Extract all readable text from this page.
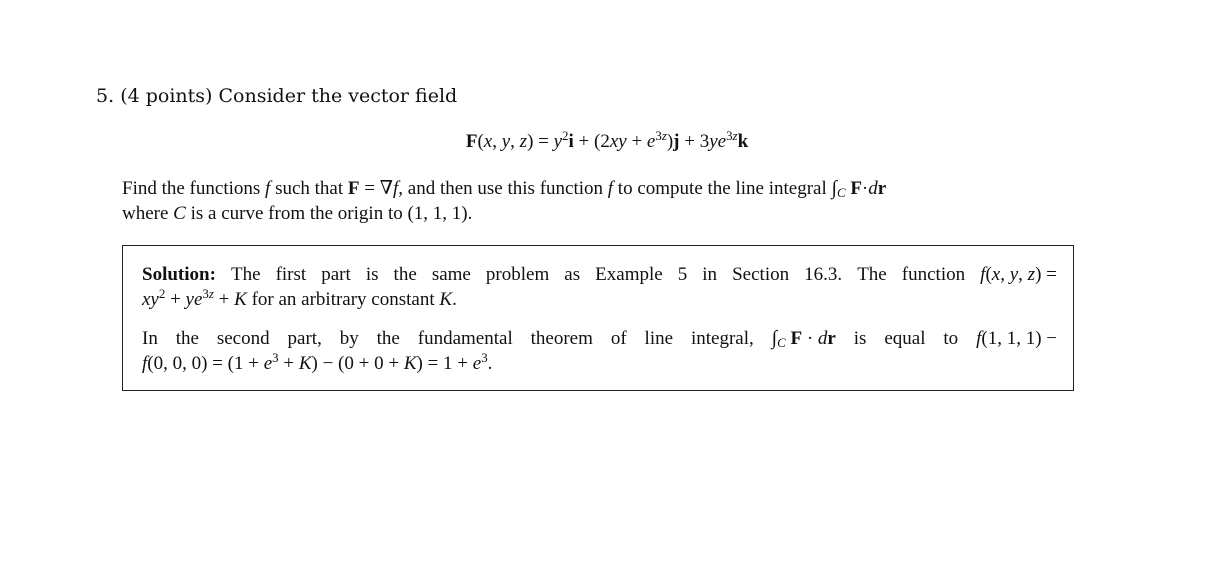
5. (4 points) Consider the vector field
F(x, y, $z) = y^2i + (2xy + e^{3z})j + 3ye^{3z}k$
Find the functions f such that F = ∇f, and then use this function f to compute the line integral $\int_C$ F·dr
where C is a curve from the origin to (1, 1, 1).
Solution: The first part is the same problem as Example 5 in Section 16.3. The function f(x, y, z) =
$xy^2 + ye^{3z} + K$ for an arbitrary constant K.
In the second part, by the fundamental theorem of line integral, $\int_C$ F · dr is equal to f(1, 1, 1) −
f(0, 0, $0) = (1 + e^3 + K) - (0 + 0 + K) = 1 + e^3$.
